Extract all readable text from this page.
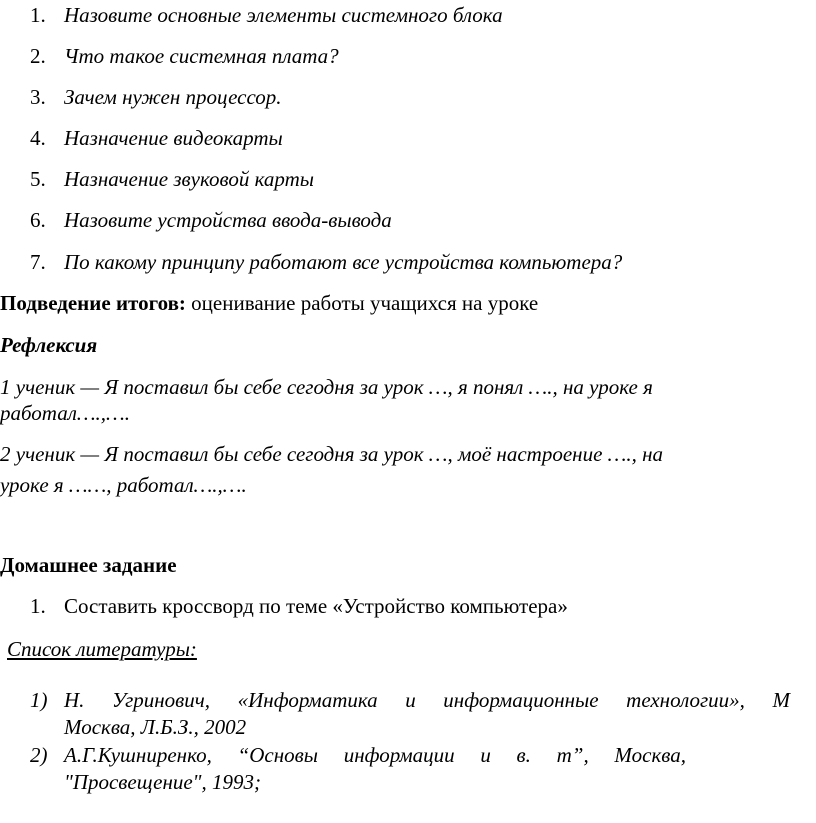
1. Назовите основные элементы системного блока
2. Что такое системная плата?
3. Зачем нужен процессор.
4. Назначение видеокарты
5. Назначение звуковой карты
6. Назовите устройства ввода-вывода
7. По какому принципу работают все устройства компьютера?
Подведение итогов: оценивание работы учащихся на уроке
Рефлексия
1 ученик — Я поставил бы себе сегодня за урок …, я понял …., на уроке я
работал….,….
2 ученик — Я поставил бы себе сегодня за урок …, моё настроение …., на
уроке я ……, работал….,….
Домашнее задание
1. Составить кроссворд по теме «Устройство компьютера»
Список литературы:
1) Н. Угринович, «Информатика и информационные технологии», М
Москва, Л.Б.З., 2002
2) А.Г.Кушниренко, “Основы информации и в. т”, Москва,
"Просвещение", 1993;
